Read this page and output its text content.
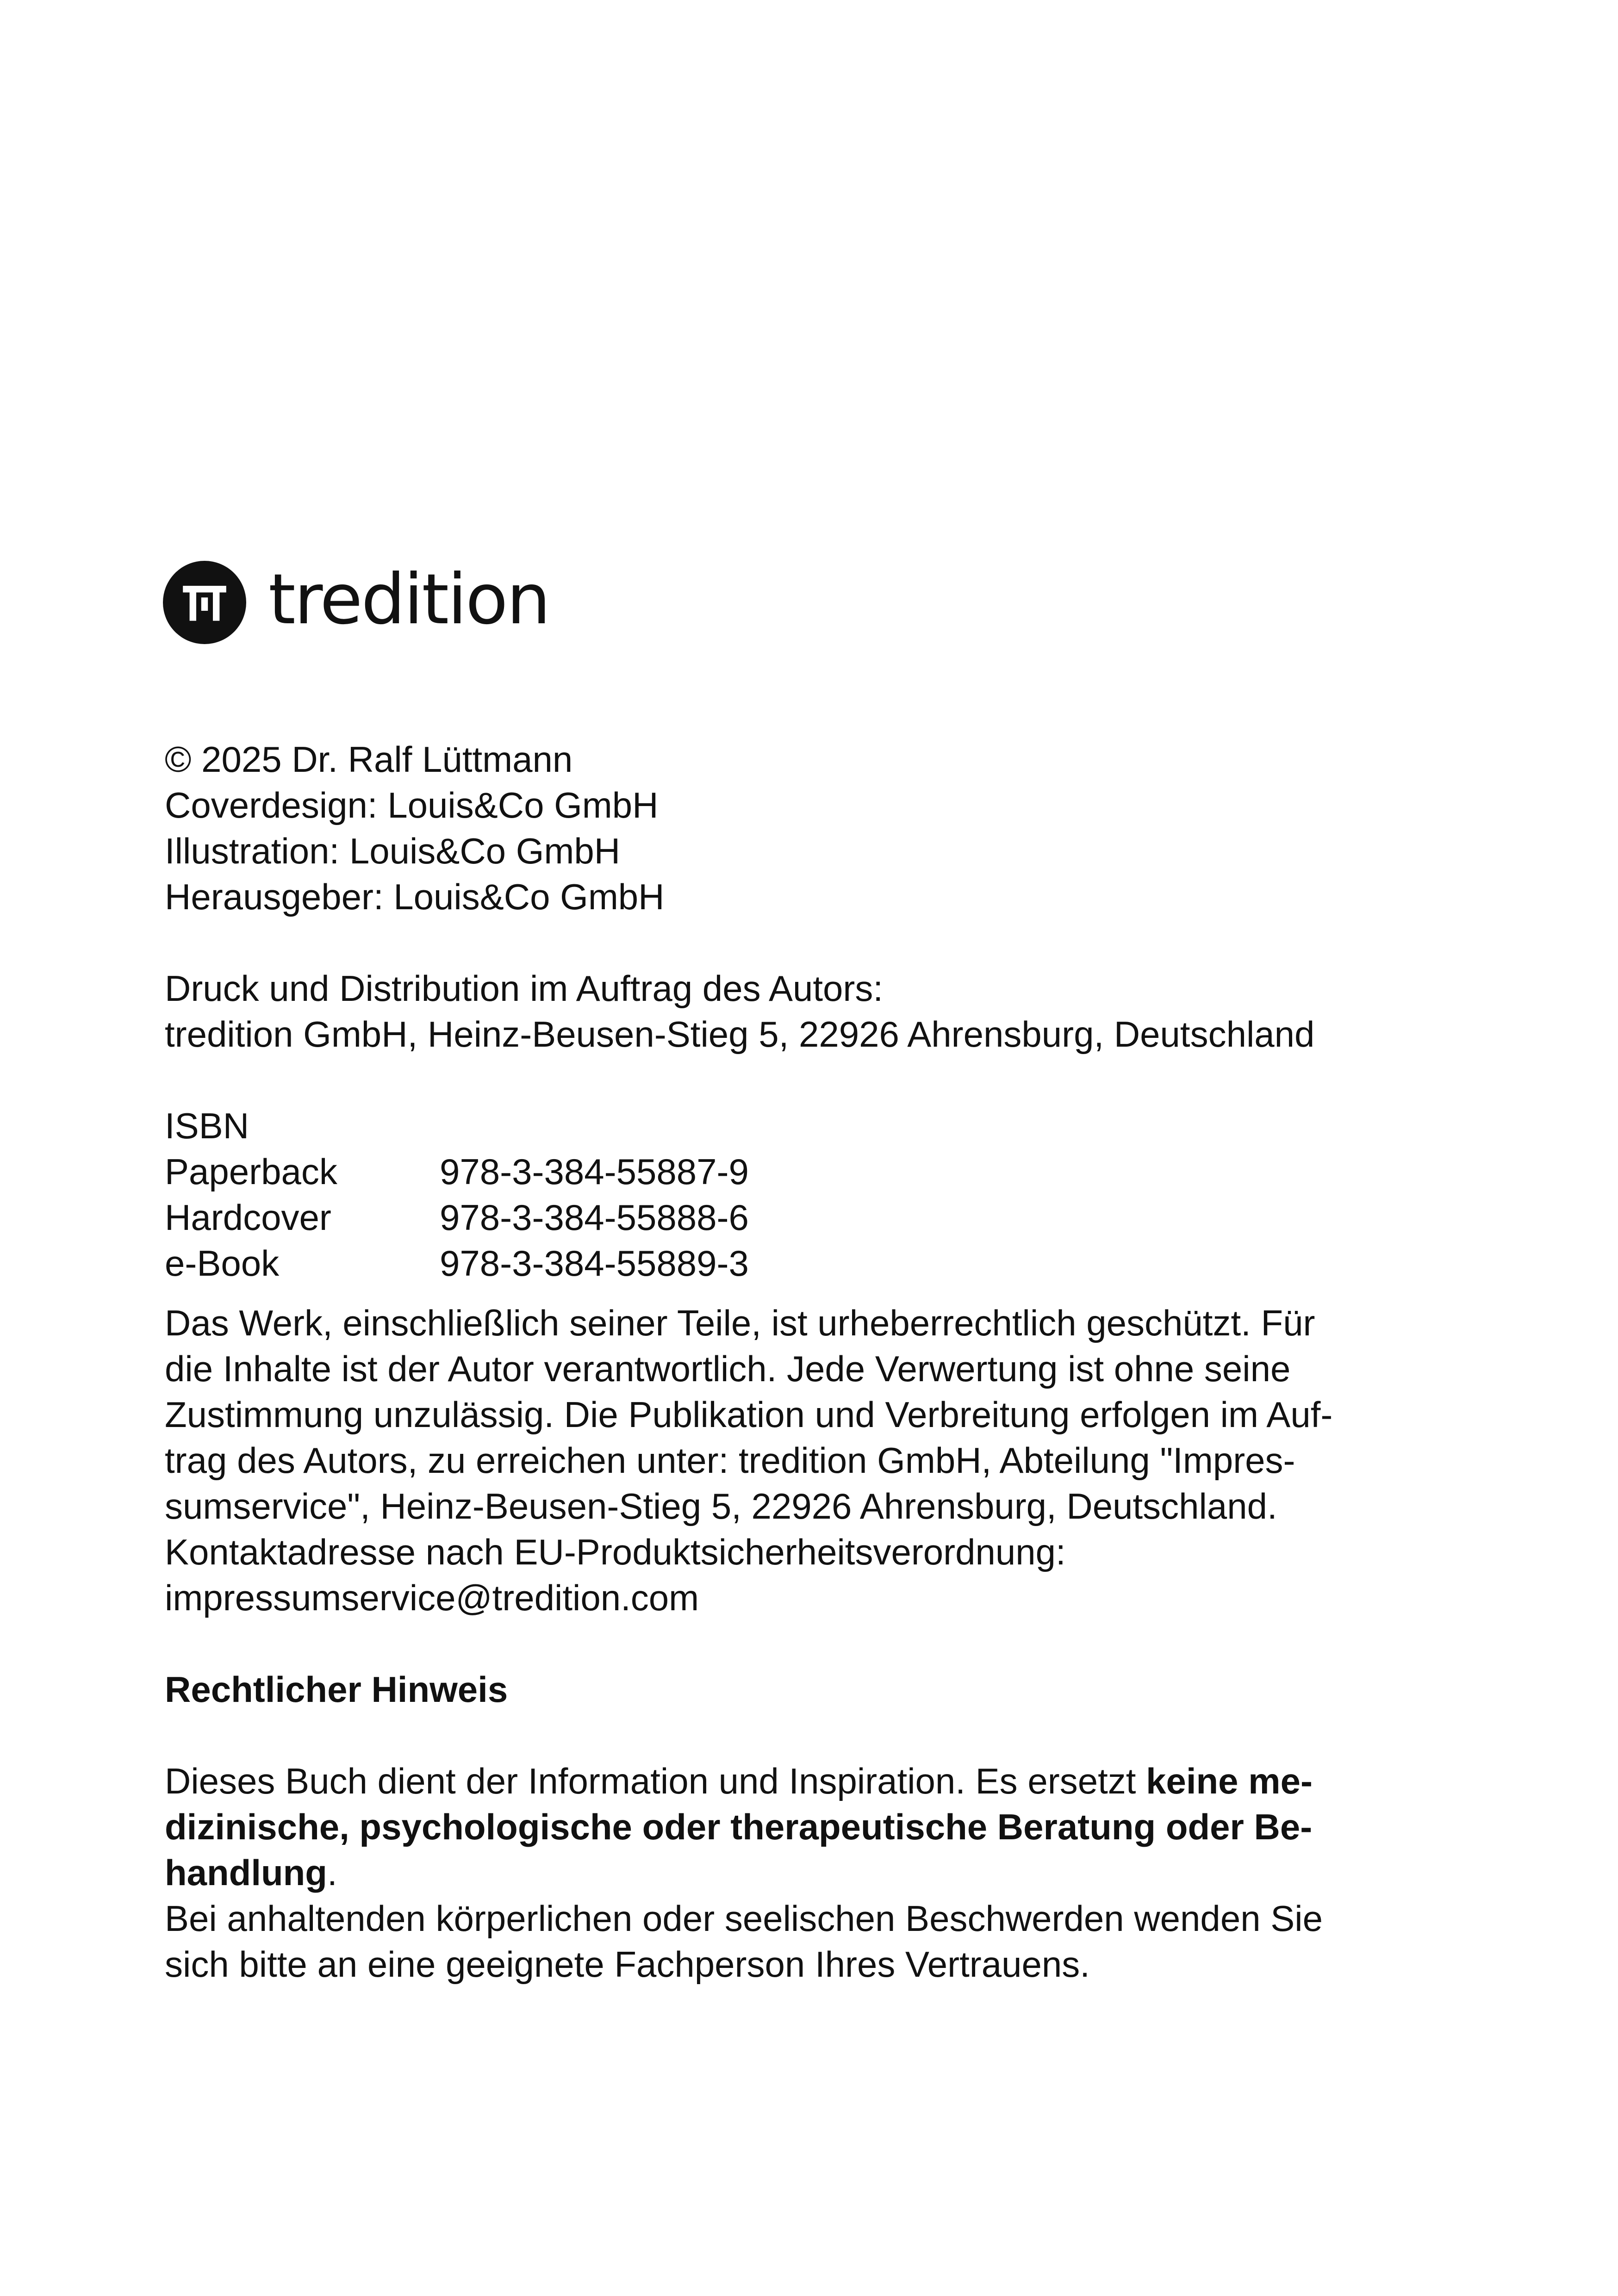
tredition
© 2025 Dr. Ralf Lüttmann
Coverdesign: Louis&Co GmbH
Illustration: Louis&Co GmbH
Herausgeber: Louis&Co GmbH
Druck und Distribution im Auftrag des Autors:
tredition GmbH, Heinz-Beusen-Stieg 5, 22926 Ahrensburg, Deutschland
ISBN
Paperback	978-3-384-55887-9
Hardcover	978-3-384-55888-6
e-Book	978-3-384-55889-3
Das Werk, einschließlich seiner Teile, ist urheberrechtlich geschützt. Für
die Inhalte ist der Autor verantwortlich. Jede Verwertung ist ohne seine
Zustimmung unzulässig. Die Publikation und Verbreitung erfolgen im Auf-
trag des Autors, zu erreichen unter: tredition GmbH, Abteilung "Impres-
sumservice", Heinz-Beusen-Stieg 5, 22926 Ahrensburg, Deutschland.
Kontaktadresse nach EU-Produktsicherheitsverordnung:
impressumservice@tredition.com
Rechtlicher Hinweis
Dieses Buch dient der Information und Inspiration. Es ersetzt keine me-
dizinische, psychologische oder therapeutische Beratung oder Be-
handlung.
Bei anhaltenden körperlichen oder seelischen Beschwerden wenden Sie
sich bitte an eine geeignete Fachperson Ihres Vertrauens.
